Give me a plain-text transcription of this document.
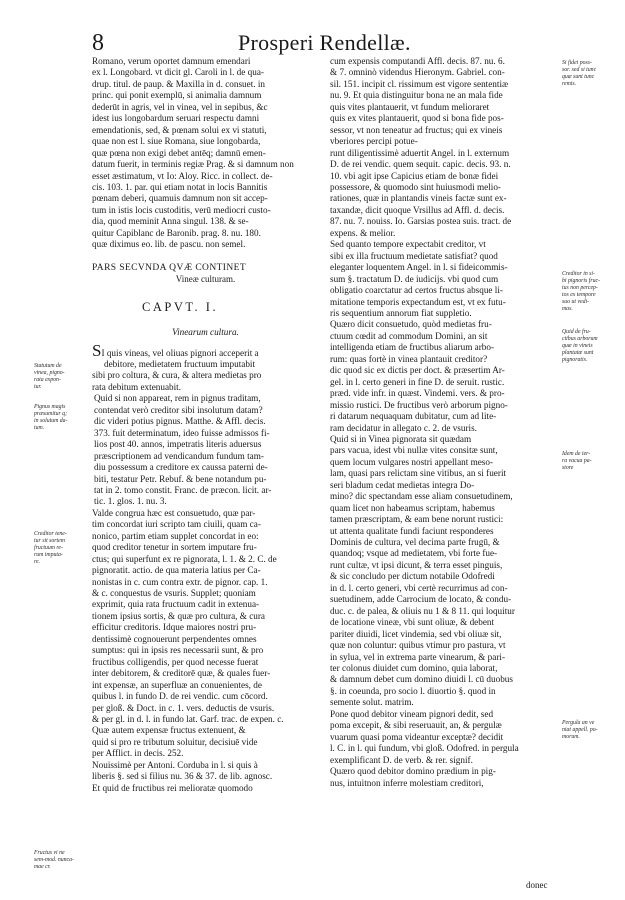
8	Prosperi Rendellæ.
Romano, verum oportet damnum emendari
ex l. Longobard. vt dicit gl. Caroli in l. de qua-
drup. titul. de paup. & Maxilla in d. consuet. in
princ. qui ponit exemplū, si animalia damnum
dederūt in agris, vel in vinea, vel in sepibus, &c
idest ius longobardum seruari respectu damni
emendationis, sed, & pœnam solui ex vi statuti,
quae non est l. siue Romana, siue longobarda,
quæ pœna non exigi debet antēq; damnū emen-
datum fuerit, in terminis regiæ Prag. & si damnum non
esset æstimatum, vt Io: Aloy. Ricc. in collect. de-
cis. 103. 1. par. qui etiam notat in locis Bannitis
pœnam deberi, quamuis damnum non sit accep-
tum in istis locis custoditis, verū mediocri custo-
dia, quod meminit Anna singul. 138. & se-
quitur Capiblanc de Baronib. prag. 8. nu. 180.
quæ diximus eo. lib. de pascu. non semel.
PARS SECVNDA QVÆ CONTINET
Vineæ culturam.
CAPVT. I.
Vinearum cultura.
SI quis vineas, vel oliuas pignori acceperit a
debitore, medietatem fructuum imputabit
sibi pro coltura, & cura, & altera medietas pro
rata debitum extenuabit.
Quid si non appareat, rem in pignus traditam,
contendat verò creditor sibi insolutum datam?
dic videri potius pignus. Matthe. & Affl. decis.
373. fuit determinatum, ideo fuisse admissos fi-
lios post 40. annos, impetratis literis aduersus
præscriptionem ad vendicandum fundum tam-
diu possessum a creditore ex caussa paterni de-
biti, testatur Petr. Rebuf. & bene notandum pu-
tat in 2. tomo constit. Franc. de præcon. licit. ar-
tic. 1. glos. 1. nu. 3.
Valde congrua hæc est consuetudo, quæ par-
tim concordat iuri scripto tam ciuili, quam ca-
nonico, partim etiam supplet concordat in eo:
quod creditor tenetur in sortem imputare fru-
ctus; qui superfunt ex re pignorata, l. 1. & 2. C. de
pignoratit. actio. de qua materia latius per Ca-
nonistas in c. cum contra extr. de pignor. cap. 1.
& c. conquestus de vsuris. Supplet; quoniam
exprimit, quia rata fructuum cadit in extenua-
tionem ipsius sortis, & quæ pro cultura, & cura
efficitur creditoris. Idque maiores nostri pru-
dentissimè cognouerunt perpendentes omnes
sumptus: qui in ipsis res necessarii sunt, & pro
fructibus colligendis, per quod necesse fuerat
inter debitorem, & creditorē quæ, & quales fuer-
int expensæ, an superfluæ an conuenientes, de
quibus l. in fundo D. de rei vendic. cum cōcord.
per gloß. & Doct. in c. 1. vers. deductis de vsuris.
& per gl. in d. l. in fundo lat. Garf. trac. de expen. c.
Quæ autem expensæ fructus extenuent, &
quid si pro re tributum soluitur, decisiuē vide
per Afflict. in decis. 252.
Nouissimè per Antoni. Corduba in l. si quis à
liberis §. sed si filius nu. 36 & 37. de lib. agnosc.
Et quid de fructibus rei melioratæ quomodo
cum expensis computandi Affl. decis. 87. nu. 6.
& 7. omninò videndus Hieronym. Gabriel. con-
sil. 151. incipit cl. rissimum est vigore sententiæ
nu. 9. Et quia distinguitur bona ne an mala fide
quis vites plantauerit, vt fundum melioraret
quis ex vites plantauerit, quod si bona fide pos-
sessor, vt non teneatur ad fructus; qui ex vineis
vberiores percipi potue-
runt diligentissimè aduertit Angel. in l. externum
D. de rei vendic. quem sequit. capic. decis. 93. n.
10. vbi agit ipse Capicius etiam de bonæ fidei
possessore, & quomodo sint huiusmodi melio-
rationes, quæ in plantandis vineis factæ sunt ex-
taxandæ, dicit quoque Vrsillus ad Affl. d. decis.
87. nu. 7. nouiss. Io. Garsias postea suis. tract. de
expens. & melior.
Sed quanto tempore expectabit creditor, vt
sibi ex illa fructuum medietate satisfiat? quod
eleganter loquentem Angel. in l. si fideicommis-
sum §. tractatum D. de iudicijs. vbi quod cum
obligatio coarctatur ad certos fructus absque li-
mitatione temporis expectandum est, vt ex futu-
ris sequentium annorum fiat suppletio.
Quæro dicit consuetudo, quòd medietas fru-
ctuum cœdit ad commodum Domini, an sit
intelligenda etiam de fructibus aliarum arbo-
rum: quas fortè in vinea plantauit creditor?
dic quod sic ex dictis per doct. & præsertim Ar-
gel. in l. certo generi in fine D. de seruit. rustic.
præd. vide infr. in quæst. Vindemi. vers. & pro-
missio rustici. De fructibus verò arborum pigno-
ri datarum nequaquam dubitatur, cum ad lite-
ram decidatur in allegato c. 2. de vsuris.
Quid si in Vinea pignorata sit quædam
pars vacua, idest vbi nullæ vites consitæ sunt,
quem locum vulgares nostri appellant meso-
lam, quasi pars relictam sine vitibus, an si fuerit
seri bladum cedat medietas integra Do-
mino? dic spectandam esse aliam consuetudinem,
quam licet non habeamus scriptam, habemus
tamen præscriptam, & eam bene norunt rustici:
ut attenta qualitate fundi faciunt responderes
Dominis de cultura, vel decima parte frugū, &
quandoq; vsque ad medietatem, vbi forte fue-
runt cultæ, vt ipsi dicunt, & terra esset pinguis,
& sic concludo per dictum notabile Odofredi
in d. l. certo generi, vbi certè recurrimus ad con-
suetudinem, adde Carrocium de locato, & condu-
duc. c. de palea, & oliuis nu 1 & 8 11. qui loquitur
de locatione vineæ, vbi sunt oliuæ, & debent
pariter diuidi, licet vindemia, sed vbi oliuæ sit,
quæ non coluntur: quibus vtimur pro pastura, vt
in sylua, vel in extrema parte vinearum, & pari-
ter colonus diuidet cum domino, quia laborat,
& damnum debet cum domino diuidi l. cū duobus
§. in coeunda, pro socio l. diuortio §. quod in
semente solut. matrim.
Pone quod debitor vineam pignori dedit, sed
poma excepit, & sibi reseruauit, an, & pergulæ
vuarum quasi poma videantur exceptæ? decidit
l. C. in l. qui fundum, vbi gloß. Odofred. in pergula
exemplificant D. de verb. & rer. signif.
Quæro quod debitor domino prædium in pig-
nus, intuitnon inferre molestiam creditori,
donec
Statutum de
vinea, pigno-
rata expon-
tur.
Pignus magis
præsumitur q;
in solutum da-
tum.
Creditor tene-
tur sit sortem
fructuum re-
rum imputa-
re.
Fructus vi ne
sem-mod. nunca-
mae cr.
Si fidei poss-
sor. sed si tunc
quæ sunt tunc
remis.
Creditor in si-
bi pignoris fruc-
tus non percep-
tos ex tempore
suo ut vedi-
mas.
Quid de fru-
ctibus arborum
quæ in vineis
plantatæ sunt
pignoratis.
Idem de ter-
ra vacua pa-
store
Pergula an ve
niat appell. po-
morum.
